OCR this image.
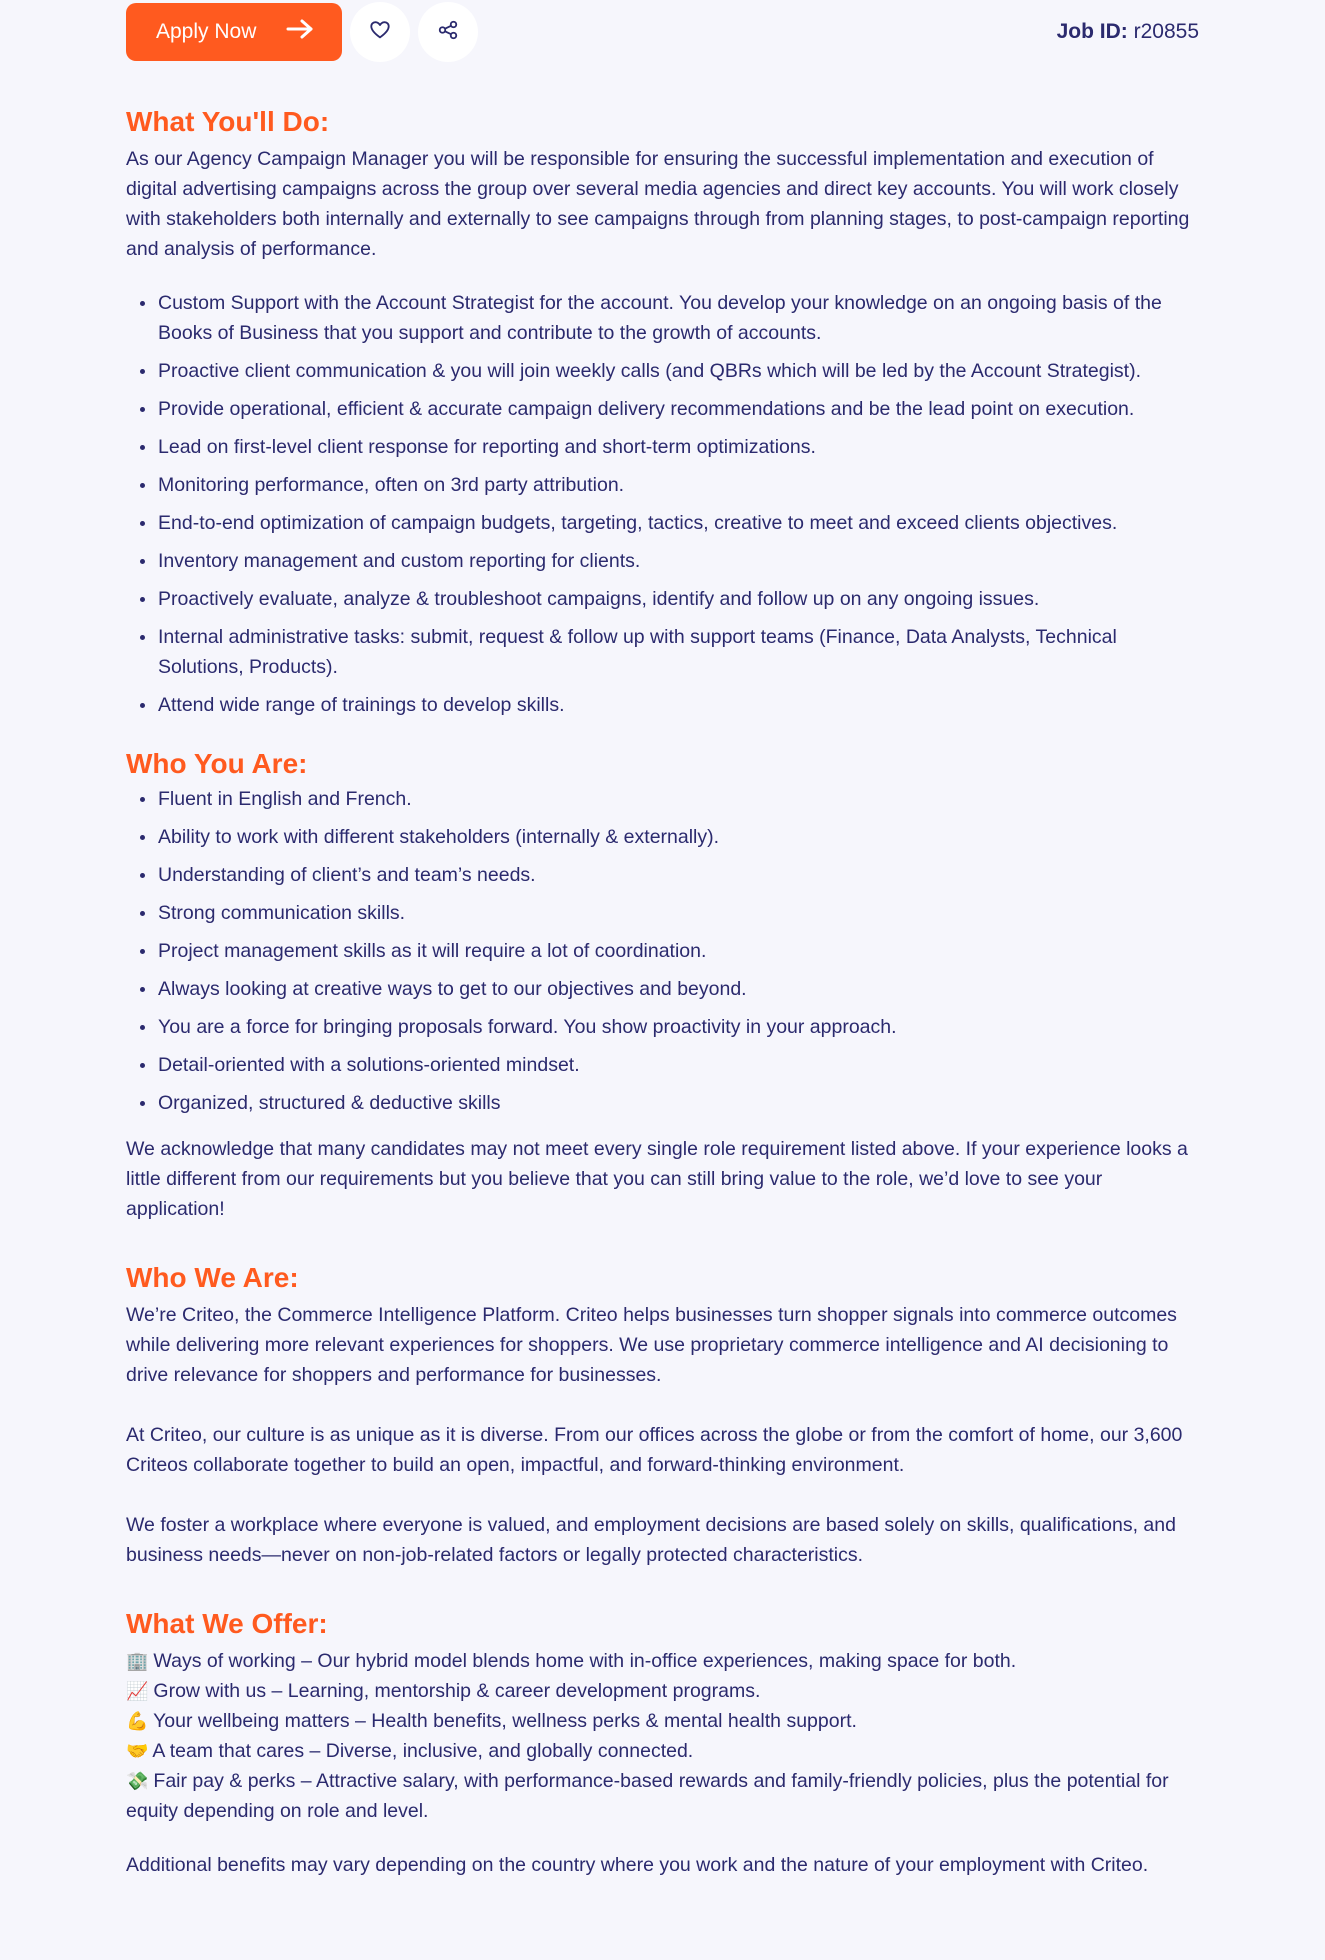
Apply Now	Job ID: r20855
What You'll Do:

As our Agency Campaign Manager you will be responsible for ensuring the successful implementation and execution of digital advertising campaigns across the group over several media agencies and direct key accounts. You will work closely with stakeholders both internally and externally to see campaigns through from planning stages, to post-campaign reporting and analysis of performance.

Custom Support with the Account Strategist for the account. You develop your knowledge on an ongoing basis of the Books of Business that you support and contribute to the growth of accounts.
Proactive client communication & you will join weekly calls (and QBRs which will be led by the Account Strategist).
Provide operational, efficient & accurate campaign delivery recommendations and be the lead point on execution.
Lead on first-level client response for reporting and short-term optimizations.
Monitoring performance, often on 3rd party attribution.
End-to-end optimization of campaign budgets, targeting, tactics, creative to meet and exceed clients objectives.
Inventory management and custom reporting for clients.
Proactively evaluate, analyze & troubleshoot campaigns, identify and follow up on any ongoing issues.
Internal administrative tasks: submit, request & follow up with support teams (Finance, Data Analysts, Technical Solutions, Products).
Attend wide range of trainings to develop skills.
Who You Are:
Fluent in English and French.
Ability to work with different stakeholders (internally & externally).
Understanding of client’s and team’s needs.
Strong communication skills.
Project management skills as it will require a lot of coordination.
Always looking at creative ways to get to our objectives and beyond.
You are a force for bringing proposals forward. You show proactivity in your approach.
Detail-oriented with a solutions-oriented mindset.
Organized, structured & deductive skills

We acknowledge that many candidates may not meet every single role requirement listed above. If your experience looks a little different from our requirements but you believe that you can still bring value to the role, we’d love to see your application!

Who We Are:

We’re Criteo, the Commerce Intelligence Platform. Criteo helps businesses turn shopper signals into commerce outcomes while delivering more relevant experiences for shoppers. We use proprietary commerce intelligence and AI decisioning to drive relevance for shoppers and performance for businesses.

At Criteo, our culture is as unique as it is diverse. From our offices across the globe or from the comfort of home, our 3,600 Criteos collaborate together to build an open, impactful, and forward-thinking environment.

We foster a workplace where everyone is valued, and employment decisions are based solely on skills, qualifications, and business needs—never on non-job-related factors or legally protected characteristics.

What We Offer:

🏢 Ways of working – Our hybrid model blends home with in-office experiences, making space for both.

📈 Grow with us – Learning, mentorship & career development programs.

💪 Your wellbeing matters – Health benefits, wellness perks & mental health support.

🤝 A team that cares – Diverse, inclusive, and globally connected.

💸 Fair pay & perks – Attractive salary, with performance-based rewards and family-friendly policies, plus the potential for equity depending on role and level.

Additional benefits may vary depending on the country where you work and the nature of your employment with Criteo.
